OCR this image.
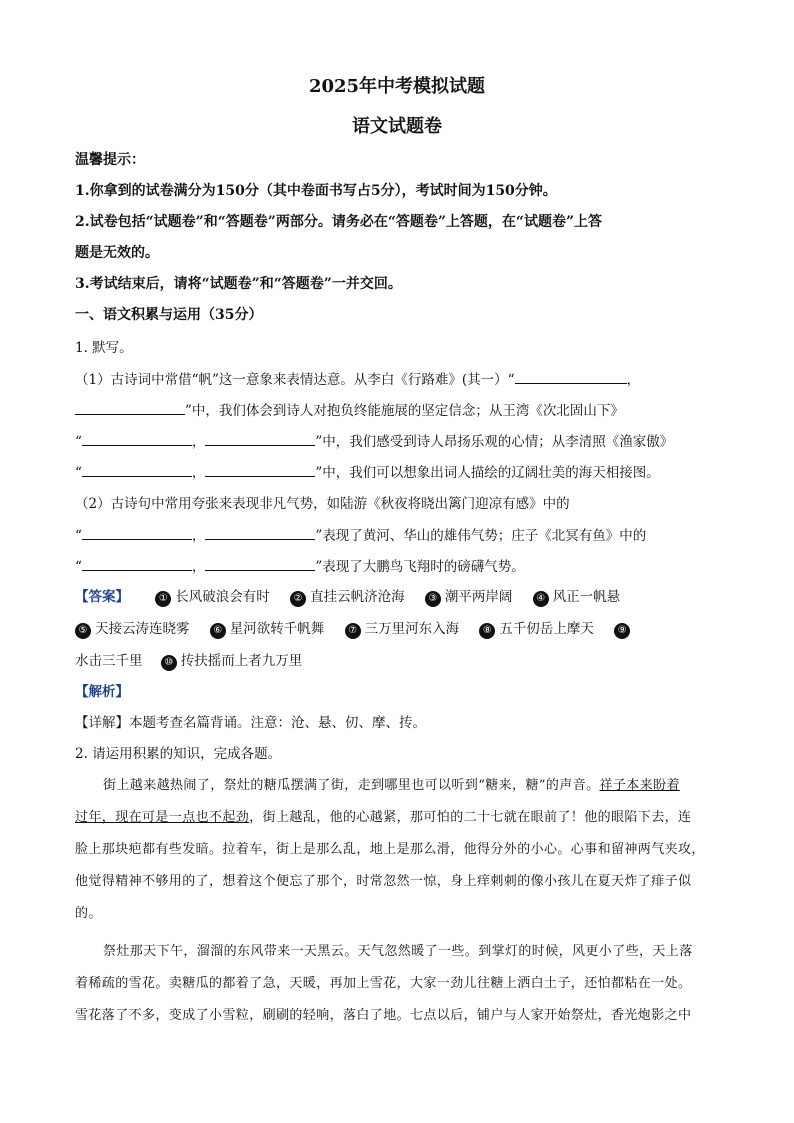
2025年中考模拟试题
语文试题卷
温馨提示：
1.你拿到的试卷满分为150分（其中卷面书写占5分），考试时间为150分钟。
2.试卷包括“试题卷”和“答题卷”两部分。请务必在“答题卷”上答题，在“试题卷”上答
题是无效的。
3.考试结束后，请将“试题卷”和“答题卷”一并交回。
一、语文积累与运用（35分）
1. 默写。
（1）古诗词中常借“帆”这一意象来表情达意。从李白《行路难》(其一）“	，
”中，我们体会到诗人对抱负终能施展的坚定信念；从王湾《次北固山下》
“	，	”中，我们感受到诗人昂扬乐观的心情；从李清照《渔家傲》
“	，	”中，我们可以想象出词人描绘的辽阔壮美的海天相接图。
（2）古诗句中常用夸张来表现非凡气势，如陆游《秋夜将晓出篱门迎凉有感》中的
“	，	”表现了黄河、华山的雄伟气势；庄子《北冥有鱼》中的
“	，	”表现了大鹏鸟飞翔时的磅礴气势。
【答案】	① 长风破浪会有时 ② 直挂云帆济沧海 ③ 潮平两岸阔 ④ 风正一帆悬
⑤ 天接云涛连晓雾 ⑥ 星河欲转千帆舞 ⑦ 三万里河东入海 ⑧ 五千仞岳上摩天 ⑨
水击三千里 ⑩ 抟扶摇而上者九万里
【解析】
【详解】本题考查名篇背诵。注意：沧、悬、仞、摩、抟。
2. 请运用积累的知识，完成各题。
街上越来越热闹了，祭灶的糖瓜摆满了街，走到哪里也可以听到“糖来，糖”的声音。祥子本来盼着
过年，现在可是一点也不起劲，街上越乱，他的心越紧，那可怕的二十七就在眼前了！他的眼陷下去，连
脸上那块疤都有些发暗。拉着车，街上是那么乱，地上是那么滑，他得分外的小心。心事和留神两气夹攻，
他觉得精神不够用的了，想着这个便忘了那个，时常忽然一惊，身上痒刺刺的像小孩儿在夏天炸了痱子似
的。
祭灶那天下午，溜溜的东风带来一天黑云。天气忽然暖了一些。到掌灯的时候，风更小了些，天上落
着稀疏的雪花。卖糖瓜的都着了急，天暖，再加上雪花，大家一劲儿往糖上洒白土子，还怕都粘在一处。
雪花落了不多，变成了小雪粒，刷刷的轻响，落白了地。七点以后，铺户与人家开始祭灶，香光炮影之中
